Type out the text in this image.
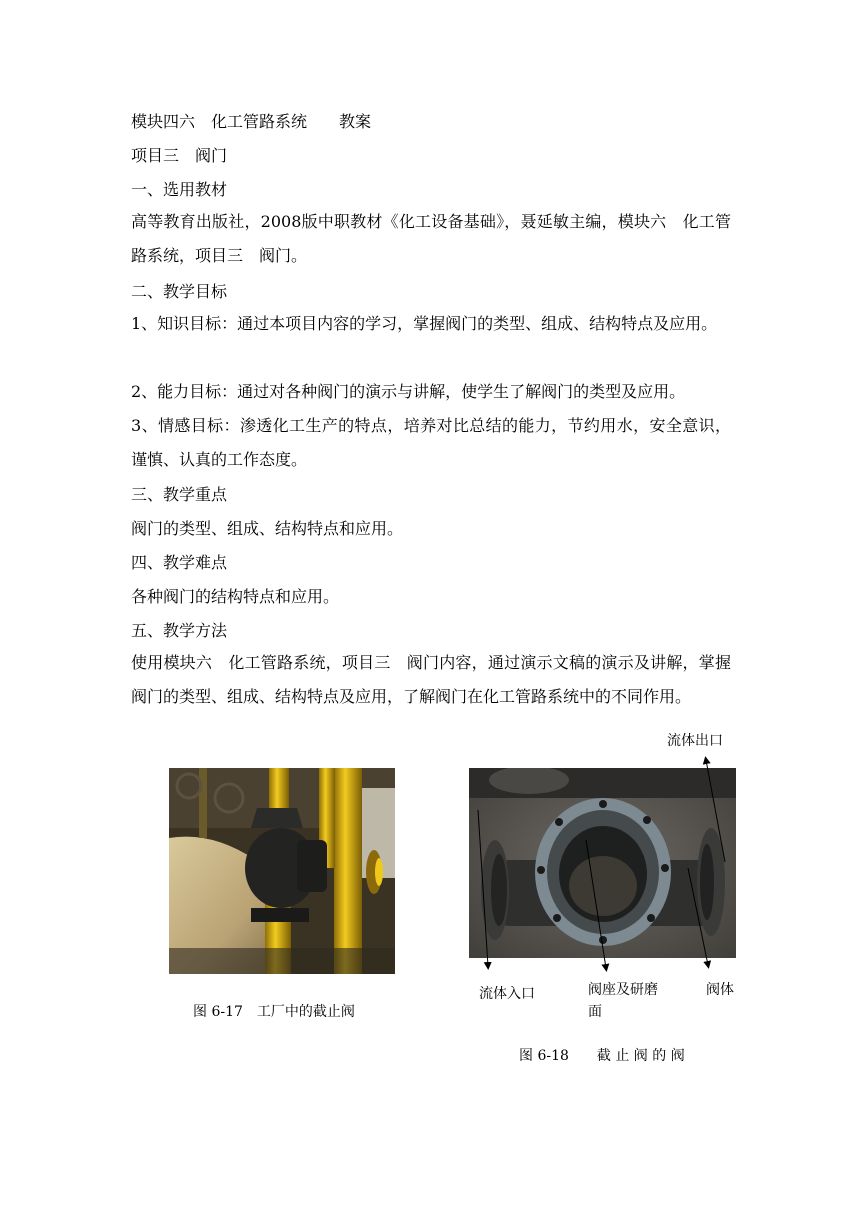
模块四六　化工管路系统　　教案
项目三　阀门
一、选用教材
高等教育出版社，2008版中职教材《化工设备基础》，聂延敏主编，模块六　化工管路系统，项目三　阀门。
二、教学目标
1、知识目标：通过本项目内容的学习，掌握阀门的类型、组成、结构特点及应用。
2、能力目标：通过对各种阀门的演示与讲解，使学生了解阀门的类型及应用。
3、情感目标：渗透化工生产的特点，培养对比总结的能力，节约用水，安全意识，谨慎、认真的工作态度。
三、教学重点
阀门的类型、组成、结构特点和应用。
四、教学难点
各种阀门的结构特点和应用。
五、教学方法
使用模块六　化工管路系统，项目三　阀门内容，通过演示文稿的演示及讲解，掌握阀门的类型、组成、结构特点及应用，了解阀门在化工管路系统中的不同作用。
图 6-17　工厂中的截止阀
流体出口
流体入口	阀座及研磨
面
阀体
图 6-18　　截 止 阀 的 阀
